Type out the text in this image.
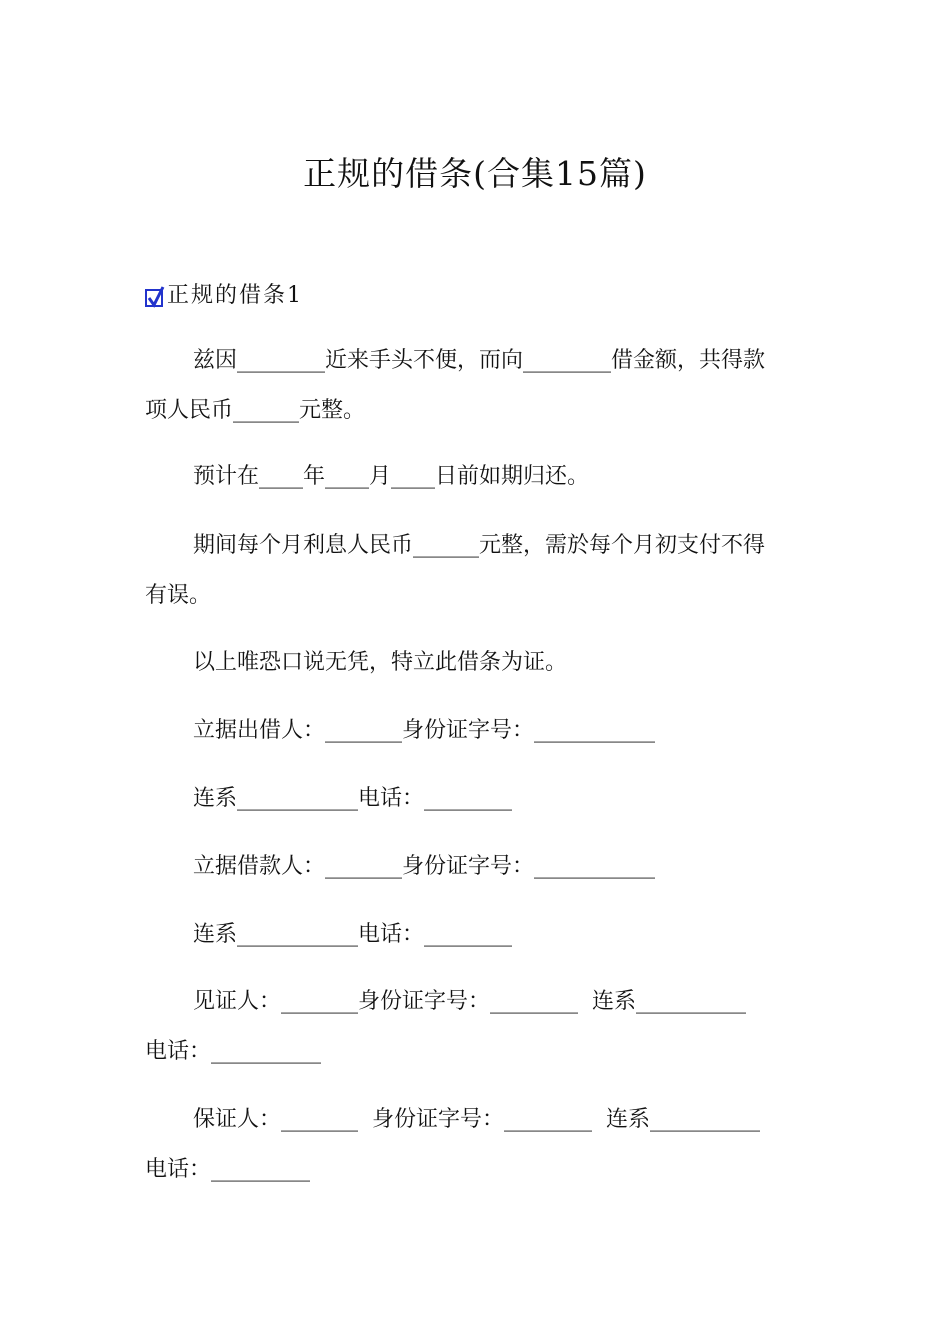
正规的借条(合集15篇)
正规的借条1

兹因________近来手头不便，而向________借金额，共得款

项人民币______元整。

预计在____年____月____日前如期归还。

期间每个月利息人民币______元整，需於每个月初支付不得

有误。

以上唯恐口说无凭，特立此借条为证。

立据出借人：_______身份证字号：___________

连系___________电话：________

立据借款人：_______身份证字号：___________

连系___________电话：________

见证人：_______身份证字号：________  连系__________

电话：__________

保证人：_______  身份证字号：________  连系__________

电话：_________
